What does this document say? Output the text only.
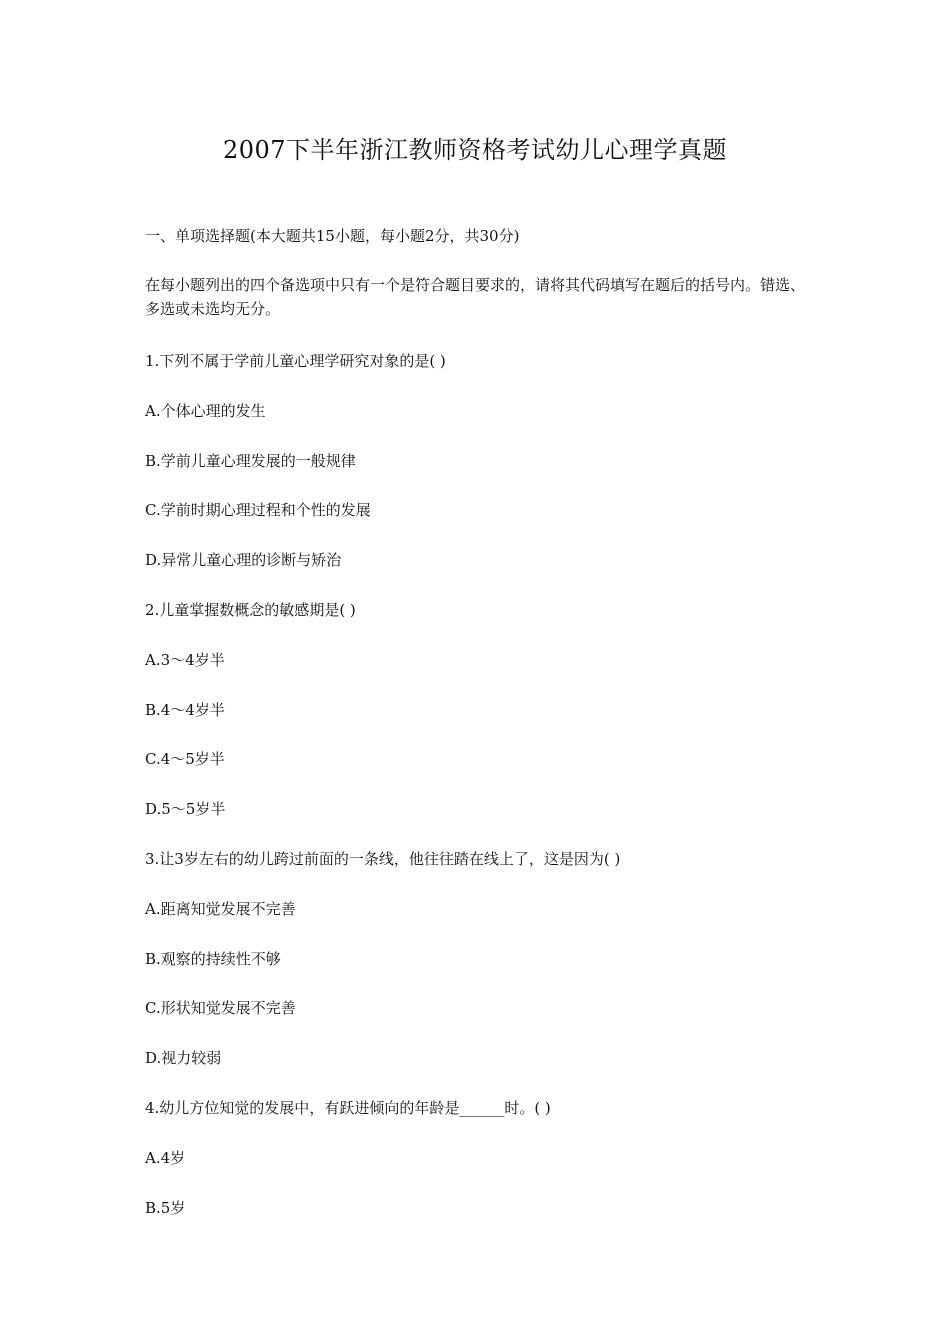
2007下半年浙江教师资格考试幼儿心理学真题
一、单项选择题(本大题共15小题，每小题2分，共30分)
在每小题列出的四个备选项中只有一个是符合题目要求的，请将其代码填写在题后的括号内。错选、多选或未选均无分。
1.下列不属于学前儿童心理学研究对象的是( )
A.个体心理的发生
B.学前儿童心理发展的一般规律
C.学前时期心理过程和个性的发展
D.异常儿童心理的诊断与矫治
2.儿童掌握数概念的敏感期是( )
A.3～4岁半
B.4～4岁半
C.4～5岁半
D.5～5岁半
3.让3岁左右的幼儿跨过前面的一条线，他往往踏在线上了，这是因为( )
A.距离知觉发展不完善
B.观察的持续性不够
C.形状知觉发展不完善
D.视力较弱
4.幼儿方位知觉的发展中，有跃进倾向的年龄是______时。( )
A.4岁
B.5岁
